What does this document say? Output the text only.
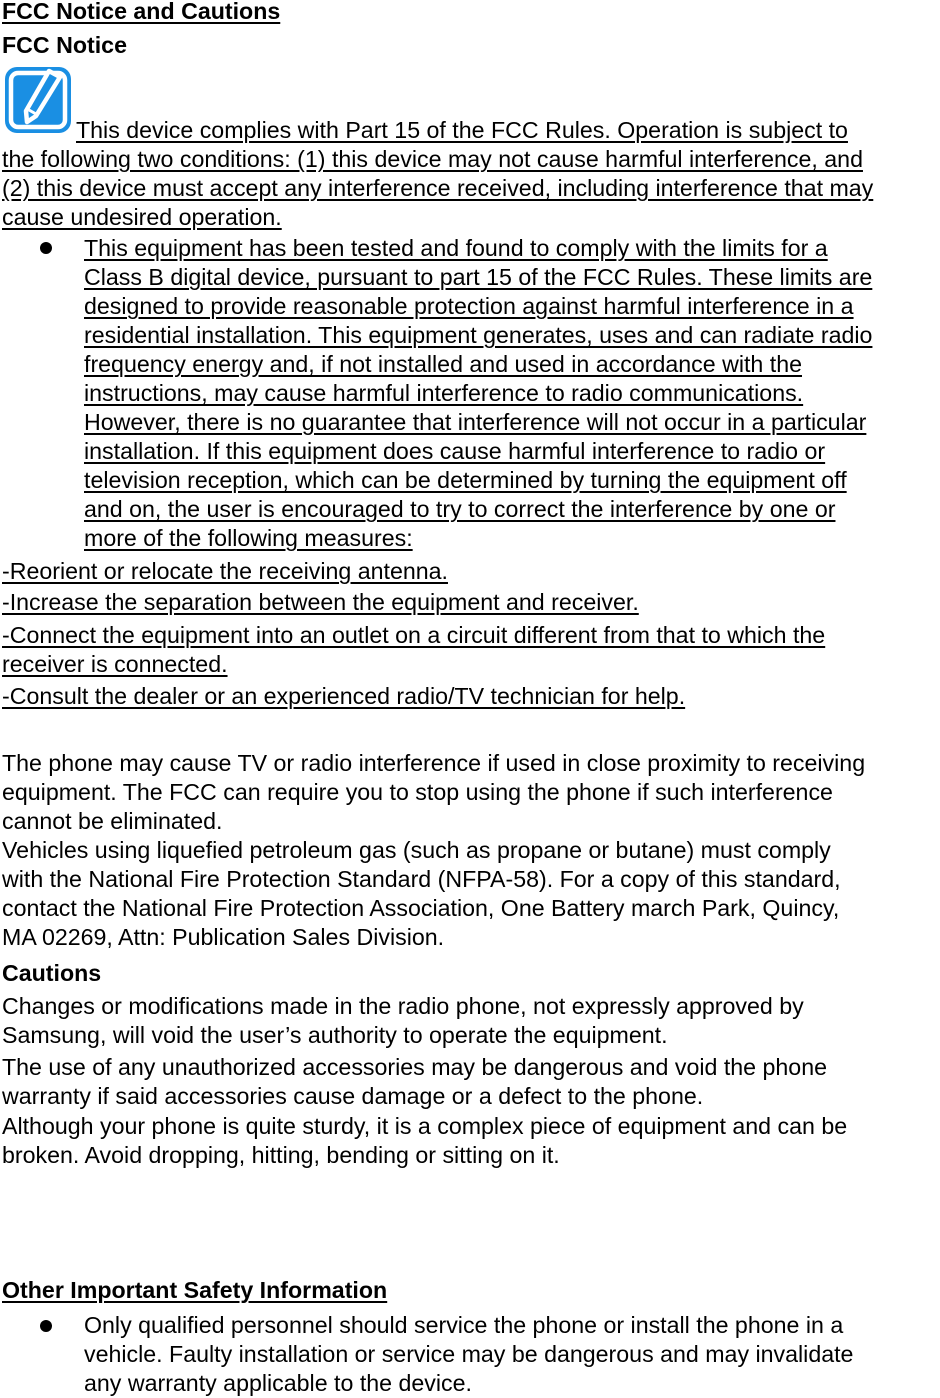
FCC Notice and Cautions
FCC Notice
This device complies with Part 15 of the FCC Rules. Operation is subject to
the following two conditions: (1) this device may not cause harmful interference, and
(2) this device must accept any interference received, including interference that may
cause undesired operation.
This equipment has been tested and found to comply with the limits for a
Class B digital device, pursuant to part 15 of the FCC Rules. These limits are
designed to provide reasonable protection against harmful interference in a
residential installation. This equipment generates, uses and can radiate radio
frequency energy and, if not installed and used in accordance with the
instructions, may cause harmful interference to radio communications.
However, there is no guarantee that interference will not occur in a particular
installation. If this equipment does cause harmful interference to radio or
television reception, which can be determined by turning the equipment off
and on, the user is encouraged to try to correct the interference by one or
more of the following measures:
-Reorient or relocate the receiving antenna.
-Increase the separation between the equipment and receiver.
-Connect the equipment into an outlet on a circuit different from that to which the
receiver is connected.
-Consult the dealer or an experienced radio/TV technician for help.
The phone may cause TV or radio interference if used in close proximity to receiving
equipment. The FCC can require you to stop using the phone if such interference
cannot be eliminated.
Vehicles using liquefied petroleum gas (such as propane or butane) must comply
with the National Fire Protection Standard (NFPA-58). For a copy of this standard,
contact the National Fire Protection Association, One Battery march Park, Quincy,
MA 02269, Attn: Publication Sales Division.
Cautions
Changes or modifications made in the radio phone, not expressly approved by
Samsung, will void the user’s authority to operate the equipment.
The use of any unauthorized accessories may be dangerous and void the phone
warranty if said accessories cause damage or a defect to the phone.
Although your phone is quite sturdy, it is a complex piece of equipment and can be
broken. Avoid dropping, hitting, bending or sitting on it.
Other Important Safety Information
Only qualified personnel should service the phone or install the phone in a
vehicle. Faulty installation or service may be dangerous and may invalidate
any warranty applicable to the device.
